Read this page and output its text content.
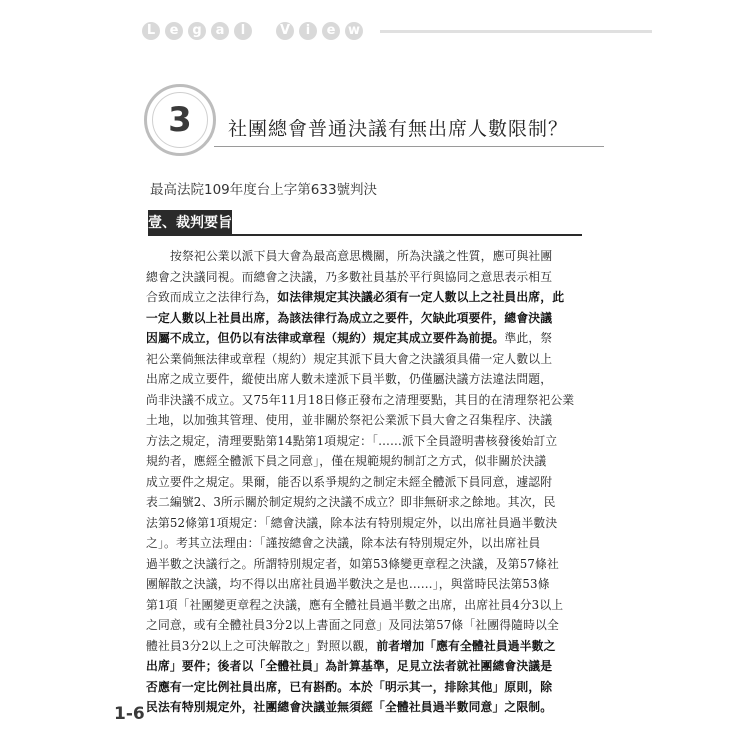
L	e	g	a	l	V	i	e w
3 社團總會普通決議有無出席人數限制？
最高法院109年度台上字第633號判決
壹、裁判要旨
按祭祀公業以派下員大會為最高意思機關，所為決議之性質，應可與社團
總會之決議同視。而總會之決議，乃多數社員基於平行與協同之意思表示相互
合致而成立之法律行為，如法律規定其決議必須有一定人數以上之社員出席，此
一定人數以上社員出席，為該法律行為成立之要件，欠缺此項要件，總會決議
因屬不成立，但仍以有法律或章程（規約）規定其成立要件為前提。準此，祭
祀公業倘無法律或章程（規約）規定其派下員大會之決議須具備一定人數以上
出席之成立要件，縱使出席人數未達派下員半數，仍僅屬決議方法違法問題，
尚非決議不成立。又75年11月18日修正發布之清理要點，其目的在清理祭祀公業
土地，以加強其管理、使用，並非關於祭祀公業派下員大會之召集程序、決議
方法之規定，清理要點第14點第1項規定：「……派下全員證明書核發後始訂立
規約者，應經全體派下員之同意」，僅在規範規約制訂之方式，似非關於決議
成立要件之規定。果爾，能否以系爭規約之制定未經全體派下員同意，遽認附
表二編號2、3所示關於制定規約之決議不成立？即非無研求之餘地。其次，民
法第52條第1項規定：「總會決議，除本法有特別規定外，以出席社員過半數決
之」。考其立法理由：「謹按總會之決議，除本法有特別規定外，以出席社員
過半數之決議行之。所謂特別規定者，如第53條變更章程之決議，及第57條社
團解散之決議，均不得以出席社員過半數決之是也……」，與當時民法第53條
第1項「社團變更章程之決議，應有全體社員過半數之出席，出席社員4分3以上
之同意，或有全體社員3分2以上書面之同意」及同法第57條「社團得隨時以全
體社員3分2以上之可決解散之」對照以觀，前者增加「應有全體社員過半數之
出席」要件；後者以「全體社員」為計算基準，足見立法者就社團總會決議是
否應有一定比例社員出席，已有斟酌。本於「明示其一，排除其他」原則，除
民法有特別規定外，社團總會決議並無須經「全體社員過半數同意」之限制。
1-6
